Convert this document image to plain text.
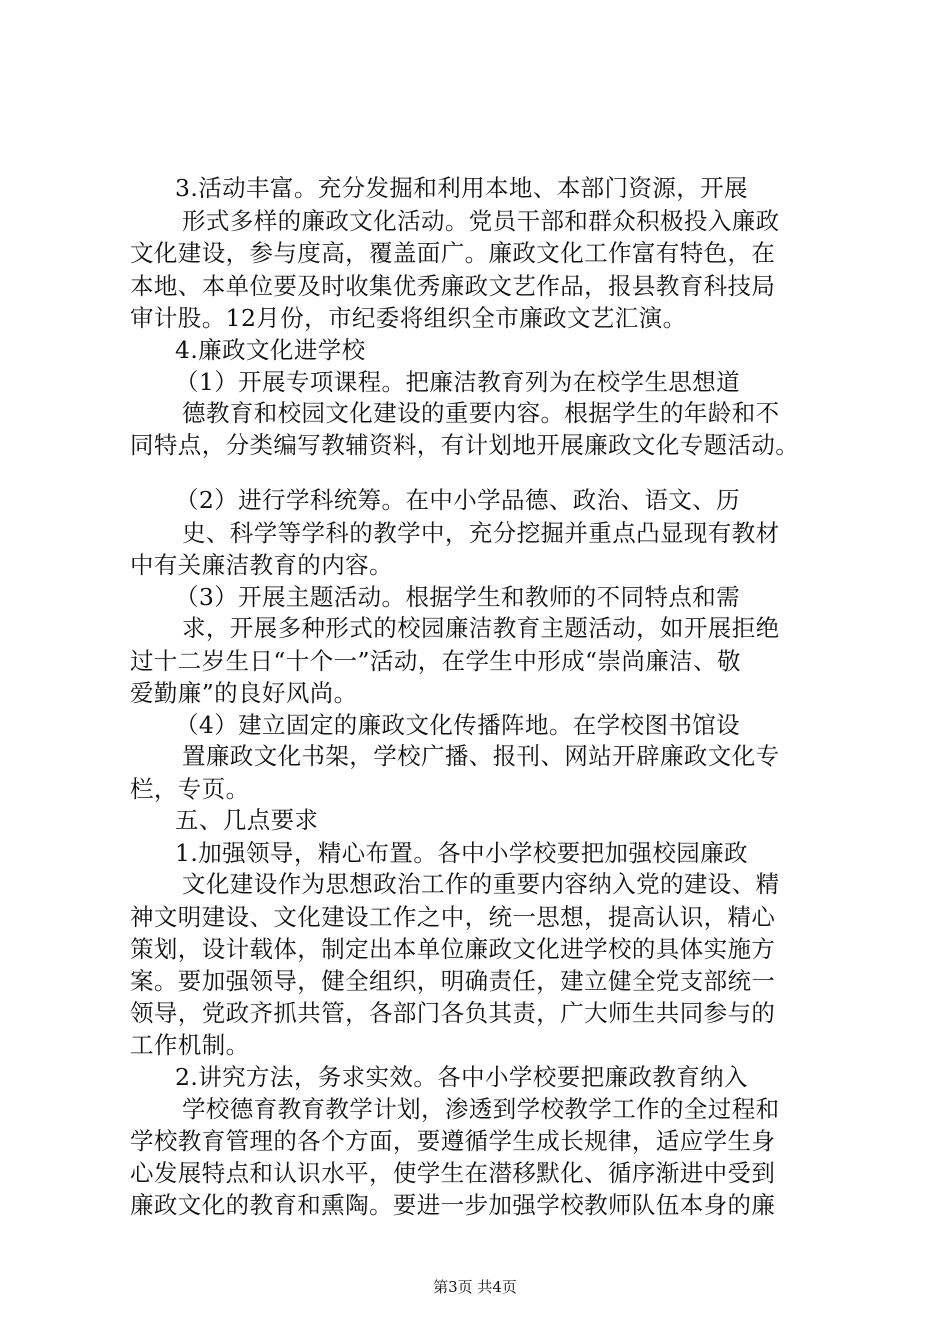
3.活动丰富。充分发掘和利用本地、本部门资源，开展
形式多样的廉政文化活动。党员干部和群众积极投入廉政
文化建设，参与度高，覆盖面广。廉政文化工作富有特色，在
本地、本单位要及时收集优秀廉政文艺作品，报县教育科技局
审计股。12月份，市纪委将组织全市廉政文艺汇演。
4.廉政文化进学校
（1）开展专项课程。把廉洁教育列为在校学生思想道
德教育和校园文化建设的重要内容。根据学生的年龄和不
同特点，分类编写教辅资料，有计划地开展廉政文化专题活动。
（2）进行学科统筹。在中小学品德、政治、语文、历
史、科学等学科的教学中，充分挖掘并重点凸显现有教材
中有关廉洁教育的内容。
（3）开展主题活动。根据学生和教师的不同特点和需
求，开展多种形式的校园廉洁教育主题活动，如开展拒绝
过十二岁生日“十个一”活动，在学生中形成“崇尚廉洁、敬
爱勤廉”的良好风尚。
（4）建立固定的廉政文化传播阵地。在学校图书馆设
置廉政文化书架，学校广播、报刊、网站开辟廉政文化专
栏，专页。
五、几点要求
1.加强领导，精心布置。各中小学校要把加强校园廉政
文化建设作为思想政治工作的重要内容纳入党的建设、精
神文明建设、文化建设工作之中，统一思想，提高认识，精心
策划，设计载体，制定出本单位廉政文化进学校的具体实施方
案。要加强领导，健全组织，明确责任，建立健全党支部统一
领导，党政齐抓共管，各部门各负其责，广大师生共同参与的
工作机制。
2.讲究方法，务求实效。各中小学校要把廉政教育纳入
学校德育教育教学计划，渗透到学校教学工作的全过程和
学校教育管理的各个方面，要遵循学生成长规律，适应学生身
心发展特点和认识水平，使学生在潜移默化、循序渐进中受到
廉政文化的教育和熏陶。要进一步加强学校教师队伍本身的廉
第3页 共4页
